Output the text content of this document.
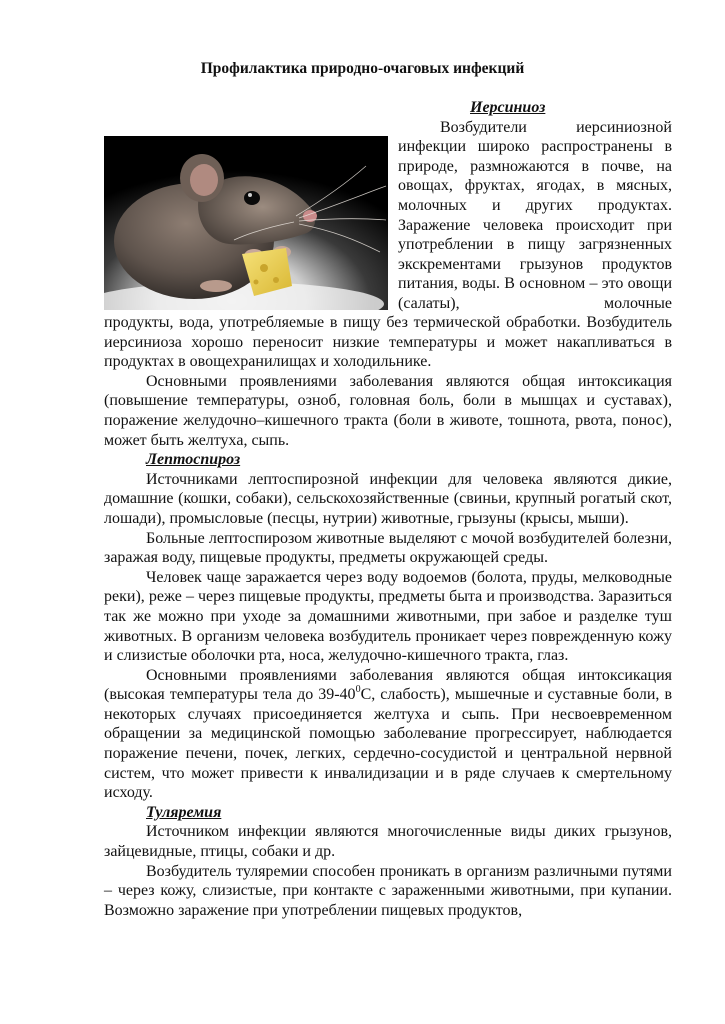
Профилактика природно-очаговых инфекций
Иерсиниоз

Возбудители иерсиниозной инфекции широко распространены в природе, размножаются в почве, на овощах, фруктах, ягодах, в мясных, молочных и других продуктах. Заражение человека происходит при употреблении в пищу загрязненных экскрементами грызунов продуктов питания, воды. В основном – это овощи (салаты), молочные

продукты, вода, употребляемые в пищу без термической обработки. Возбудитель иерсиниоза хорошо переносит низкие температуры и может накапливаться в продуктах в овощехранилищах и холодильнике.

Основными проявлениями заболевания являются общая интоксикация (повышение температуры, озноб, головная боль, боли в мышцах и суставах), поражение желудочно–кишечного тракта (боли в животе, тошнота, рвота, понос), может быть желтуха, сыпь.

Лептоспироз

Источниками лептоспирозной инфекции для человека являются дикие, домашние (кошки, собаки), сельскохозяйственные (свиньи, крупный рогатый скот, лошади), промысловые (песцы, нутрии) животные, грызуны (крысы, мыши).

Больные лептоспирозом животные выделяют с мочой возбудителей болезни, заражая воду, пищевые продукты, предметы окружающей среды.

Человек чаще заражается через воду водоемов (болота, пруды, мелководные реки), реже – через пищевые продукты, предметы быта и производства. Заразиться так же можно при уходе за домашними животными, при забое и разделке туш животных. В организм человека возбудитель проникает через поврежденную кожу и слизистые оболочки рта, носа, желудочно-кишечного тракта, глаз.

Основными проявлениями заболевания являются общая интоксикация (высокая температуры тела до $39-40^0С$, слабость), мышечные и суставные боли, в некоторых случаях присоединяется желтуха и сыпь. При несвоевременном обращении за медицинской помощью заболевание прогрессирует, наблюдается поражение печени, почек, легких, сердечно-сосудистой и центральной нервной систем, что может привести к инвалидизации и в ряде случаев к смертельному исходу.

Туляремия

Источником инфекции являются многочисленные виды диких грызунов, зайцевидные, птицы, собаки и др.

Возбудитель туляремии способен проникать в организм различными путями – через кожу, слизистые, при контакте с зараженными животными, при купании. Возможно заражение при употреблении пищевых продуктов,
